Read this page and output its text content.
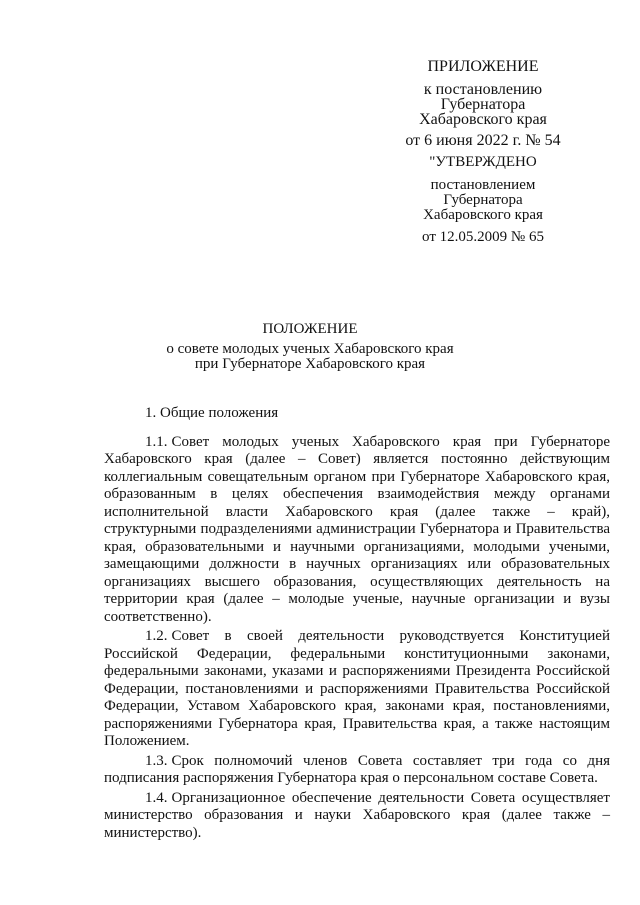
ПРИЛОЖЕНИЕ
к постановлению
Губернатора
Хабаровского края
от 6 июня 2022 г. № 54
"УТВЕРЖДЕНО
постановлением
Губернатора
Хабаровского края
от 12.05.2009 № 65
ПОЛОЖЕНИЕ
о совете молодых ученых Хабаровского края
при Губернаторе Хабаровского края

1. Общие положения

1.1. Совет молодых ученых Хабаровского края при Губернаторе Хабаровского края (далее – Совет) является постоянно действующим коллегиальным совещательным органом при Губернаторе Хабаровского края, образованным в целях обеспечения взаимодействия между органами исполнительной власти Хабаровского края (далее также – край), структурными подразделениями администрации Губернатора и Правительства края, образовательными и научными организациями, молодыми учеными, замещающими должности в научных организациях или образовательных организациях высшего образования, осуществляющих деятельность на территории края (далее – молодые ученые, научные организации и вузы соответственно).

1.2. Совет в своей деятельности руководствуется Конституцией Российской Федерации, федеральными конституционными законами, федеральными законами, указами и распоряжениями Президента Российской Федерации, постановлениями и распоряжениями Правительства Российской Федерации, Уставом Хабаровского края, законами края, постановлениями, распоряжениями Губернатора края, Правительства края, а также настоящим Положением.

1.3. Срок полномочий членов Совета составляет три года со дня подписания распоряжения Губернатора края о персональном составе Совета.

1.4. Организационное обеспечение деятельности Совета осуществляет министерство образования и науки Хабаровского края (далее также – министерство).
